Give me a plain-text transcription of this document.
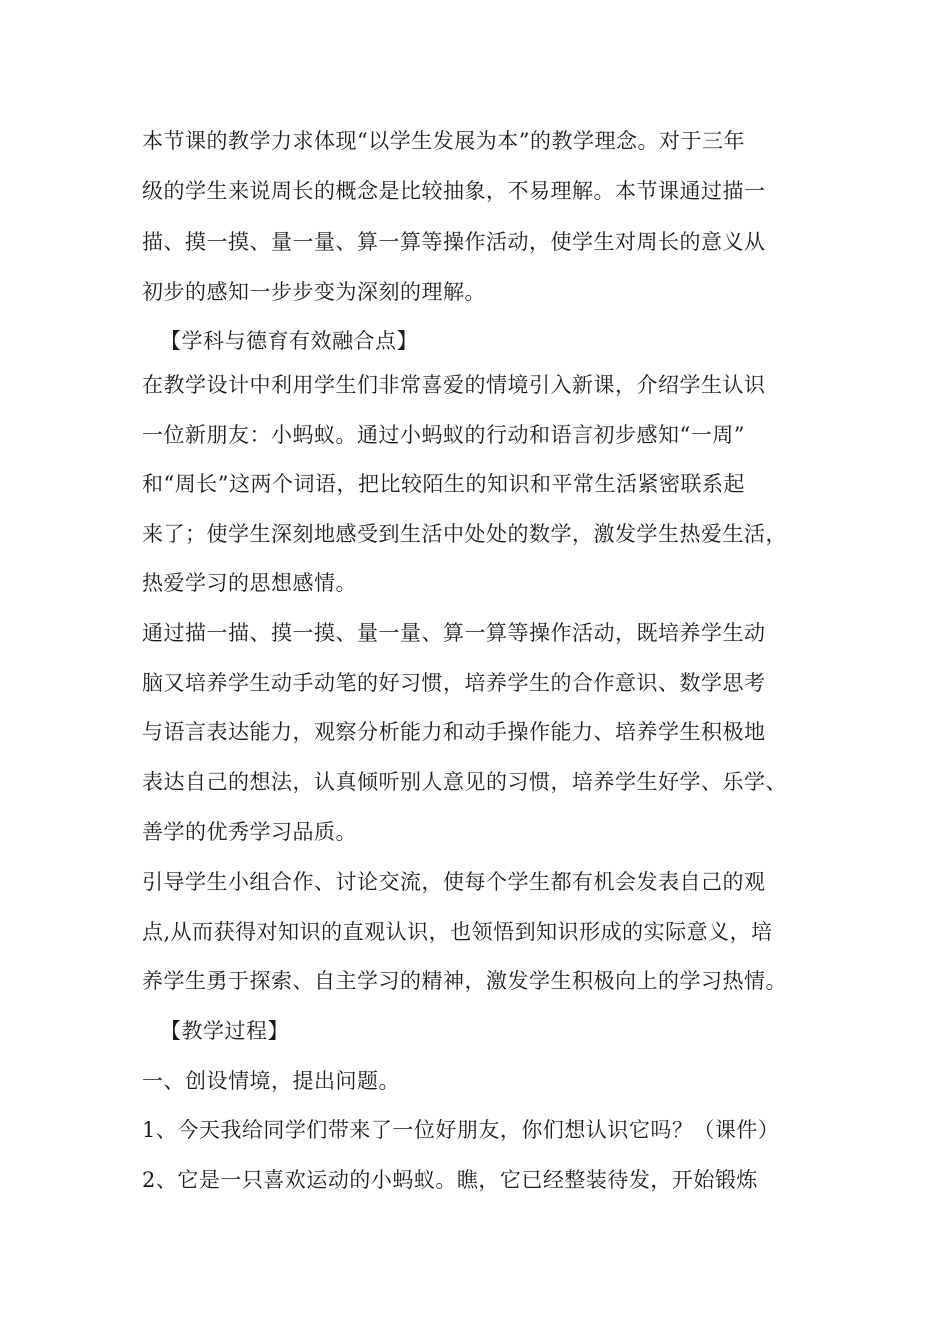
本节课的教学力求体现“以学生发展为本”的教学理念。对于三年
级的学生来说周长的概念是比较抽象，不易理解。本节课通过描一
描、摸一摸、量一量、算一算等操作活动，使学生对周长的意义从
初步的感知一步步变为深刻的理解。
【学科与德育有效融合点】
在教学设计中利用学生们非常喜爱的情境引入新课，介绍学生认识
一位新朋友：小蚂蚁。通过小蚂蚁的行动和语言初步感知“一周”
和“周长”这两个词语，把比较陌生的知识和平常生活紧密联系起
来了；使学生深刻地感受到生活中处处的数学，激发学生热爱生活，
热爱学习的思想感情。
通过描一描、摸一摸、量一量、算一算等操作活动，既培养学生动
脑又培养学生动手动笔的好习惯，培养学生的合作意识、数学思考
与语言表达能力，观察分析能力和动手操作能力、培养学生积极地
表达自己的想法，认真倾听别人意见的习惯，培养学生好学、乐学、
善学的优秀学习品质。
引导学生小组合作、讨论交流，使每个学生都有机会发表自己的观
点,从而获得对知识的直观认识，也领悟到知识形成的实际意义，培
养学生勇于探索、自主学习的精神，激发学生积极向上的学习热情。
【教学过程】
一、创设情境，提出问题。
1、今天我给同学们带来了一位好朋友，你们想认识它吗？（课件）
2、它是一只喜欢运动的小蚂蚁。瞧，它已经整装待发，开始锻炼
